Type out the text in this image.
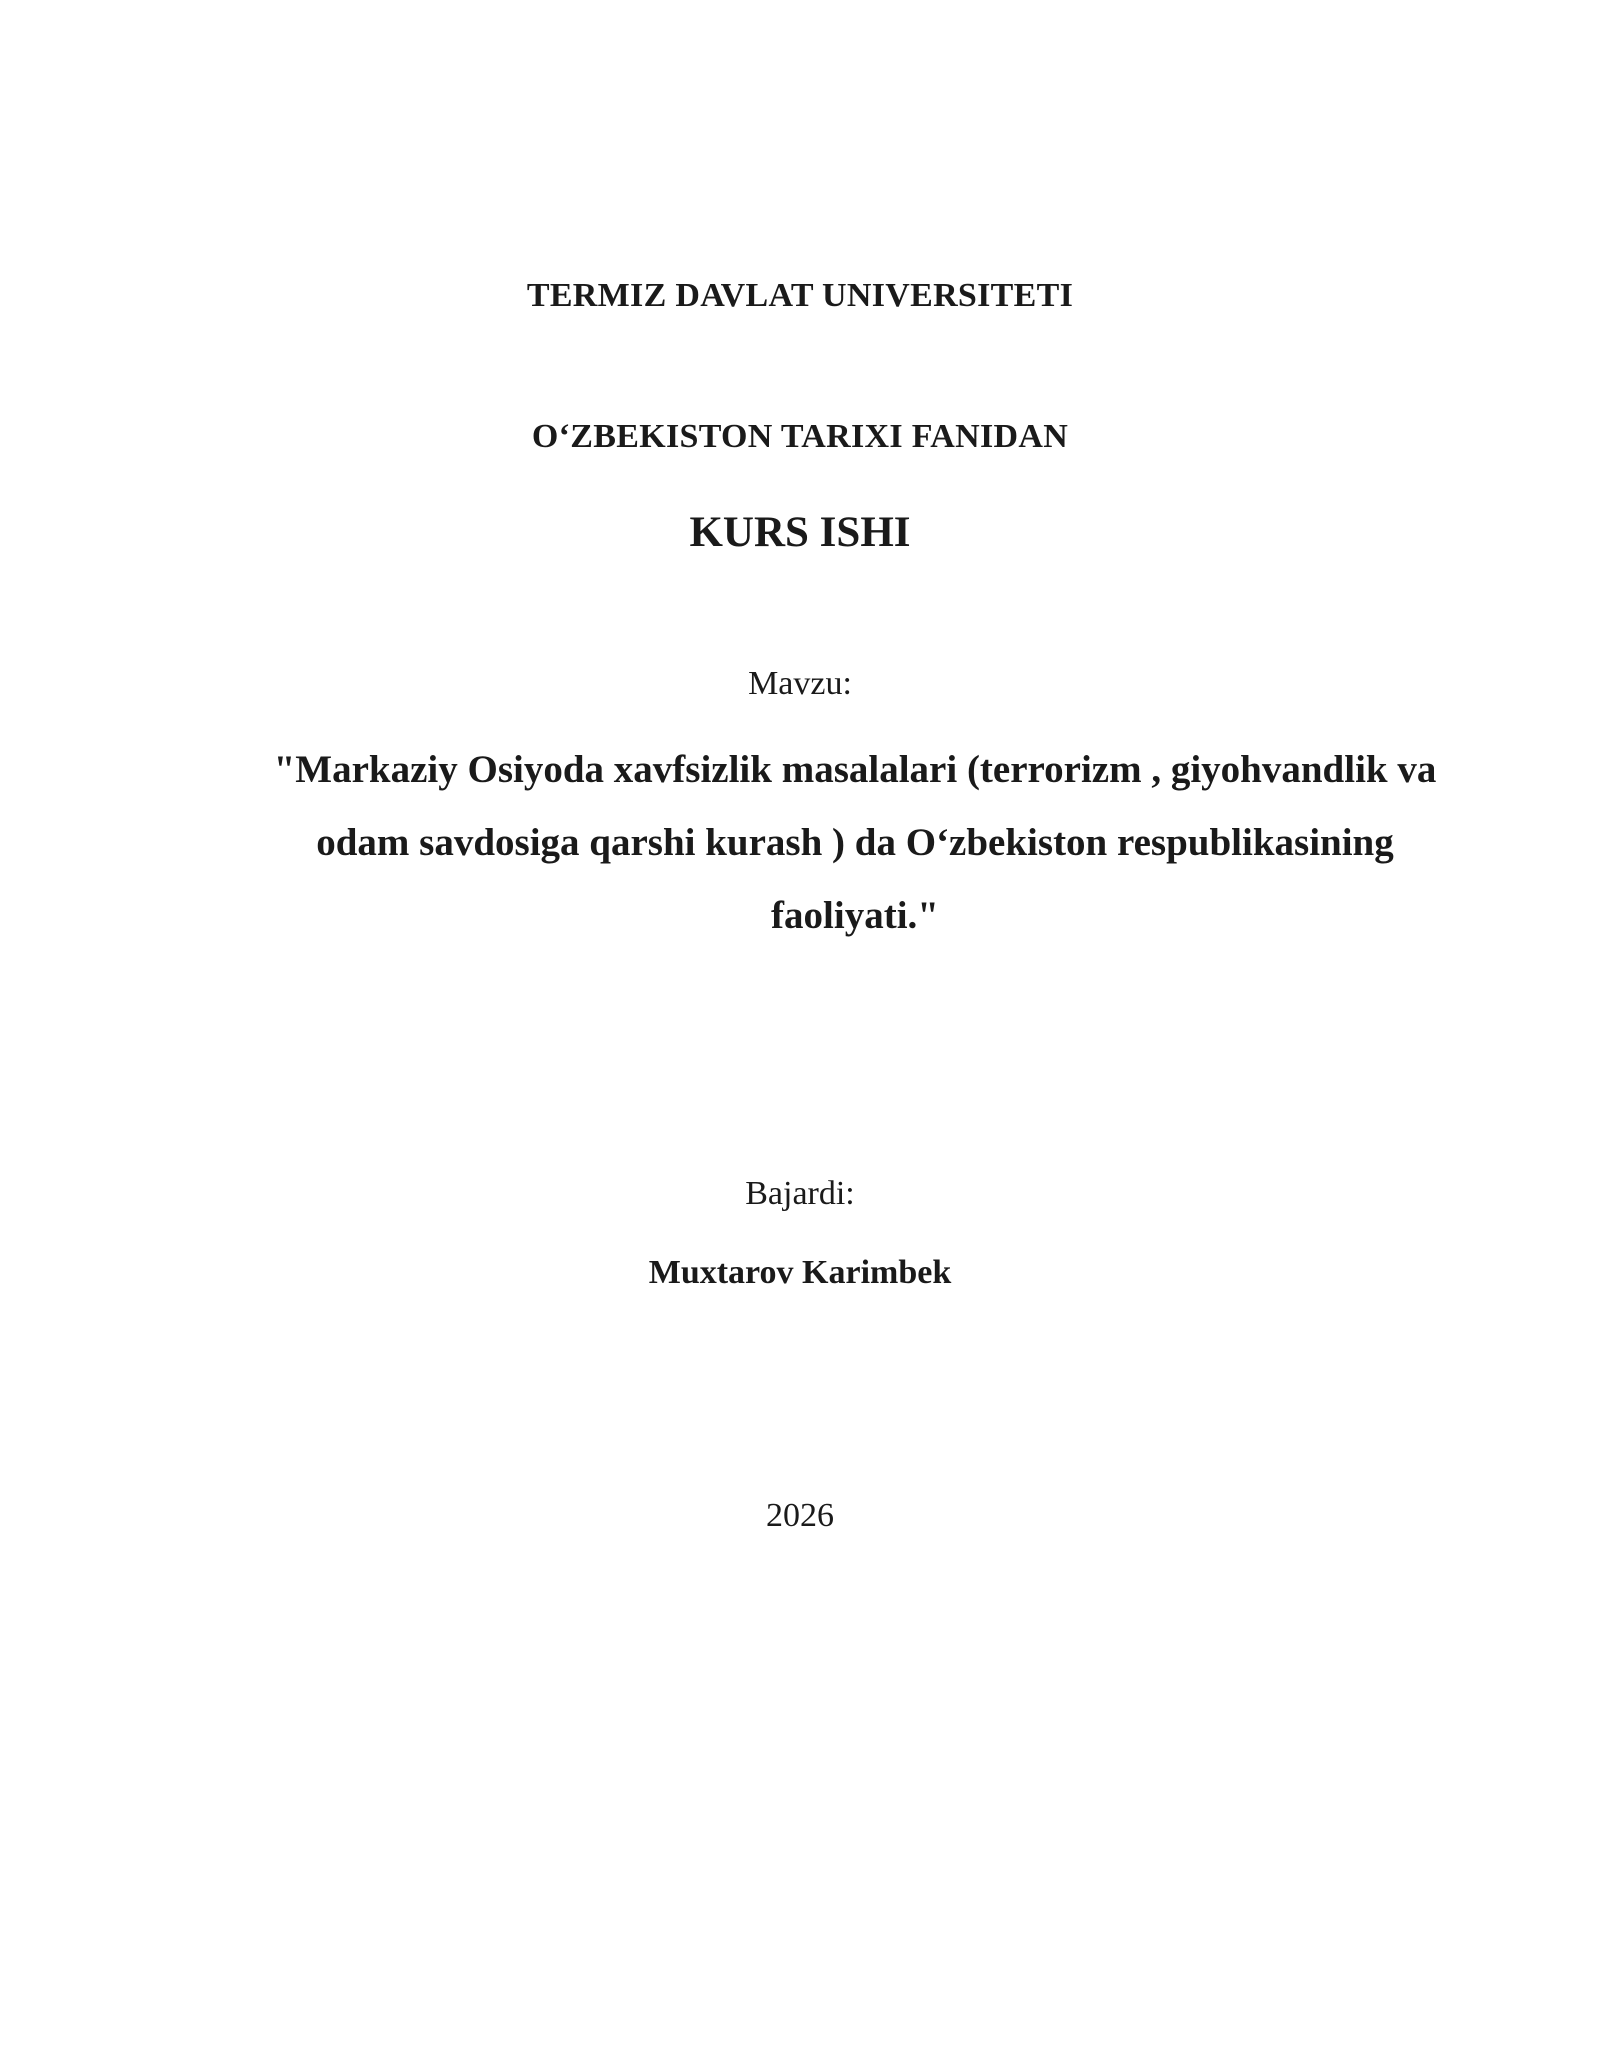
TERMIZ DAVLAT UNIVERSITETI

O‘ZBEKISTON TARIXI FANIDAN

KURS ISHI

Mavzu:

"Markaziy Osiyoda xavfsizlik masalalari (terrorizm , giyohvandlik va
odam savdosiga qarshi kurash ) da O‘zbekiston respublikasining
faoliyati."

Bajardi:

Muxtarov Karimbek

2026
